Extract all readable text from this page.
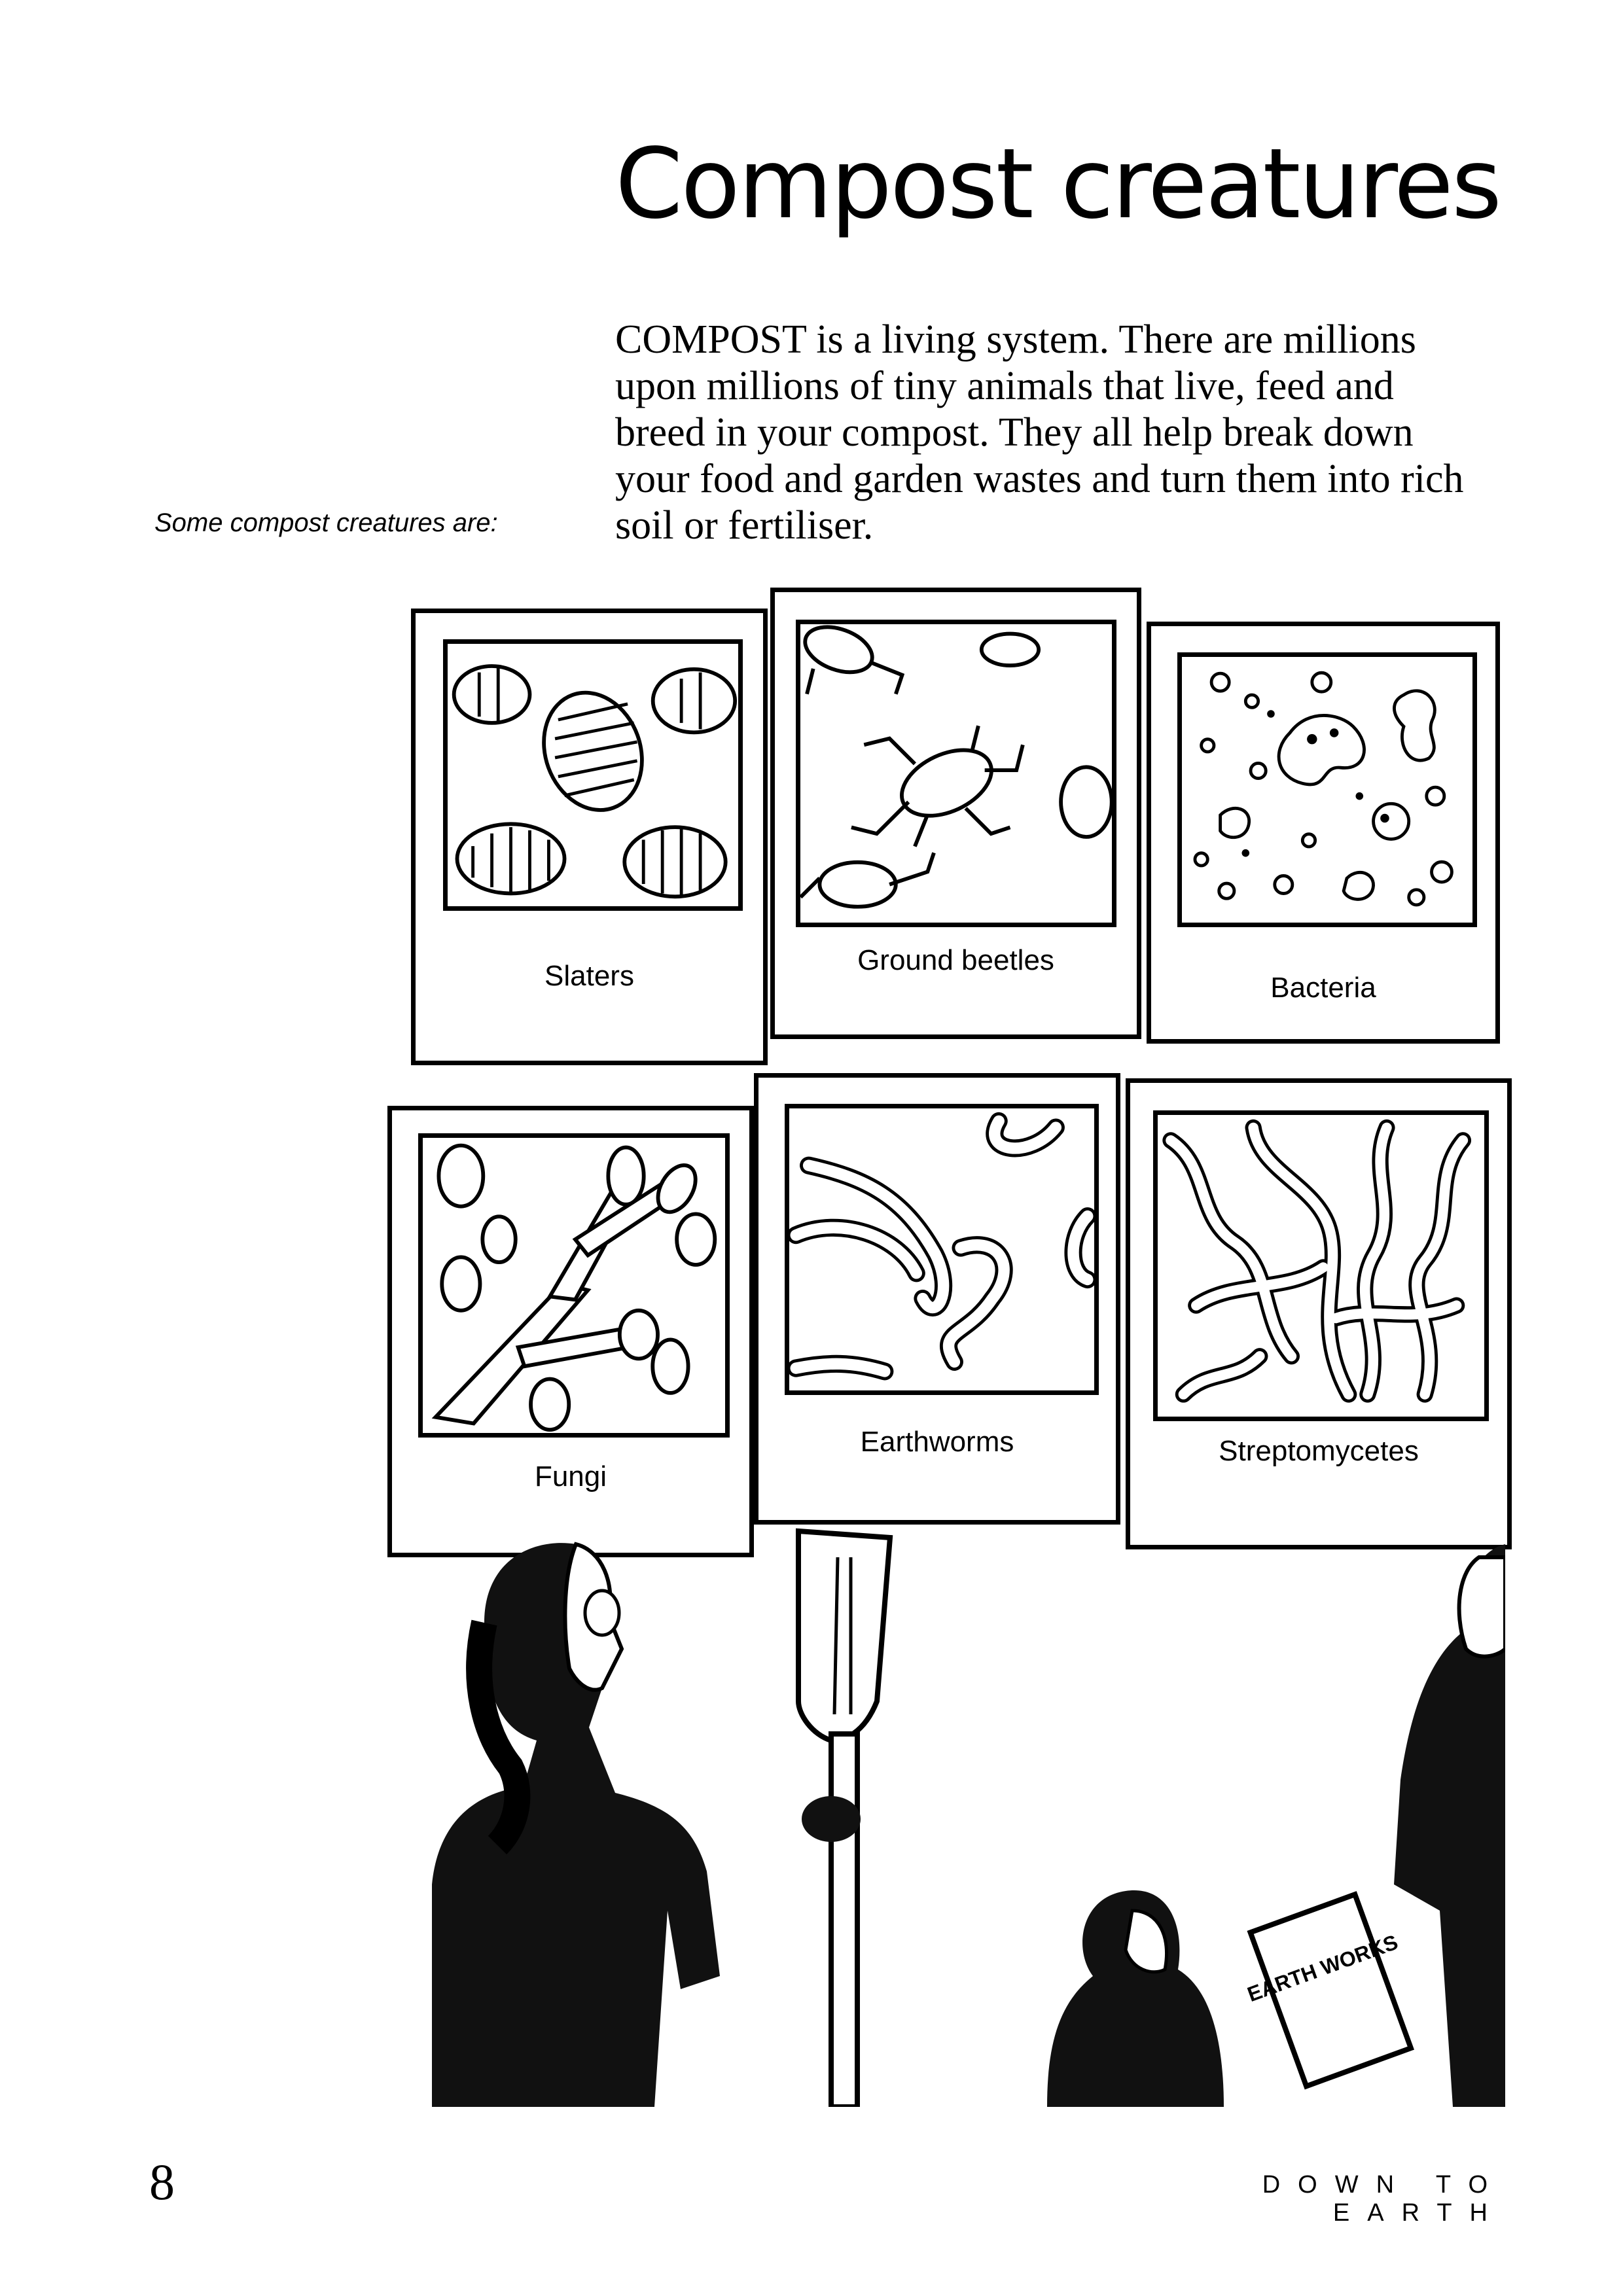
Compost creatures
COMPOST is a living system. There are millions upon millions of tiny animals that live, feed and breed in your compost. They all help break down your food and garden wastes and turn them into rich soil or fertiliser.
Some compost creatures are:
Slaters	Ground beetles
Bacteria
Fungi
Earthworms	Streptomycetes
EARTH WORKS
8	DOWN TO EARTH
